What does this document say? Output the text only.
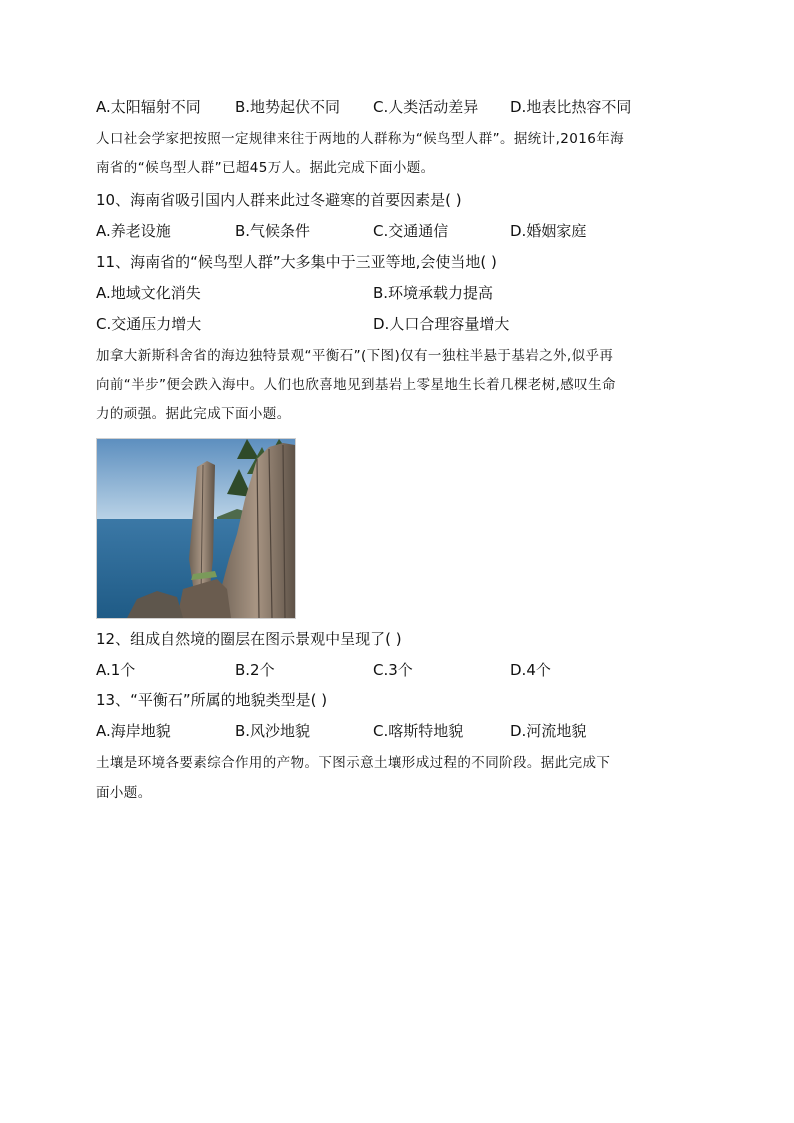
A.太阳辐射不同 B.地势起伏不同 C.人类活动差异 D.地表比热容不同
人口社会学家把按照一定规律来往于两地的人群称为“候鸟型人群”。据统计,2016年海
南省的“候鸟型人群”已超45万人。据此完成下面小题。
10、海南省吸引国内人群来此过冬避寒的首要因素是( )
A.养老设施	B.气候条件	C.交通通信	D.婚姻家庭
11、海南省的“候鸟型人群”大多集中于三亚等地,会使当地( )
A.地域文化消失	B.环境承载力提高
C.交通压力增大	D.人口合理容量增大
加拿大新斯科舍省的海边独特景观“平衡石”(下图)仅有一独柱半悬于基岩之外,似乎再
向前“半步”便会跌入海中。人们也欣喜地见到基岩上零星地生长着几棵老树,感叹生命
力的顽强。据此完成下面小题。
12、组成自然境的圈层在图示景观中呈现了( )
A.1个	B.2个	C.3个	D.4个
13、“平衡石”所属的地貌类型是( )
A.海岸地貌	B.风沙地貌	C.喀斯特地貌	D.河流地貌
土壤是环境各要素综合作用的产物。下图示意土壤形成过程的不同阶段。据此完成下
面小题。
